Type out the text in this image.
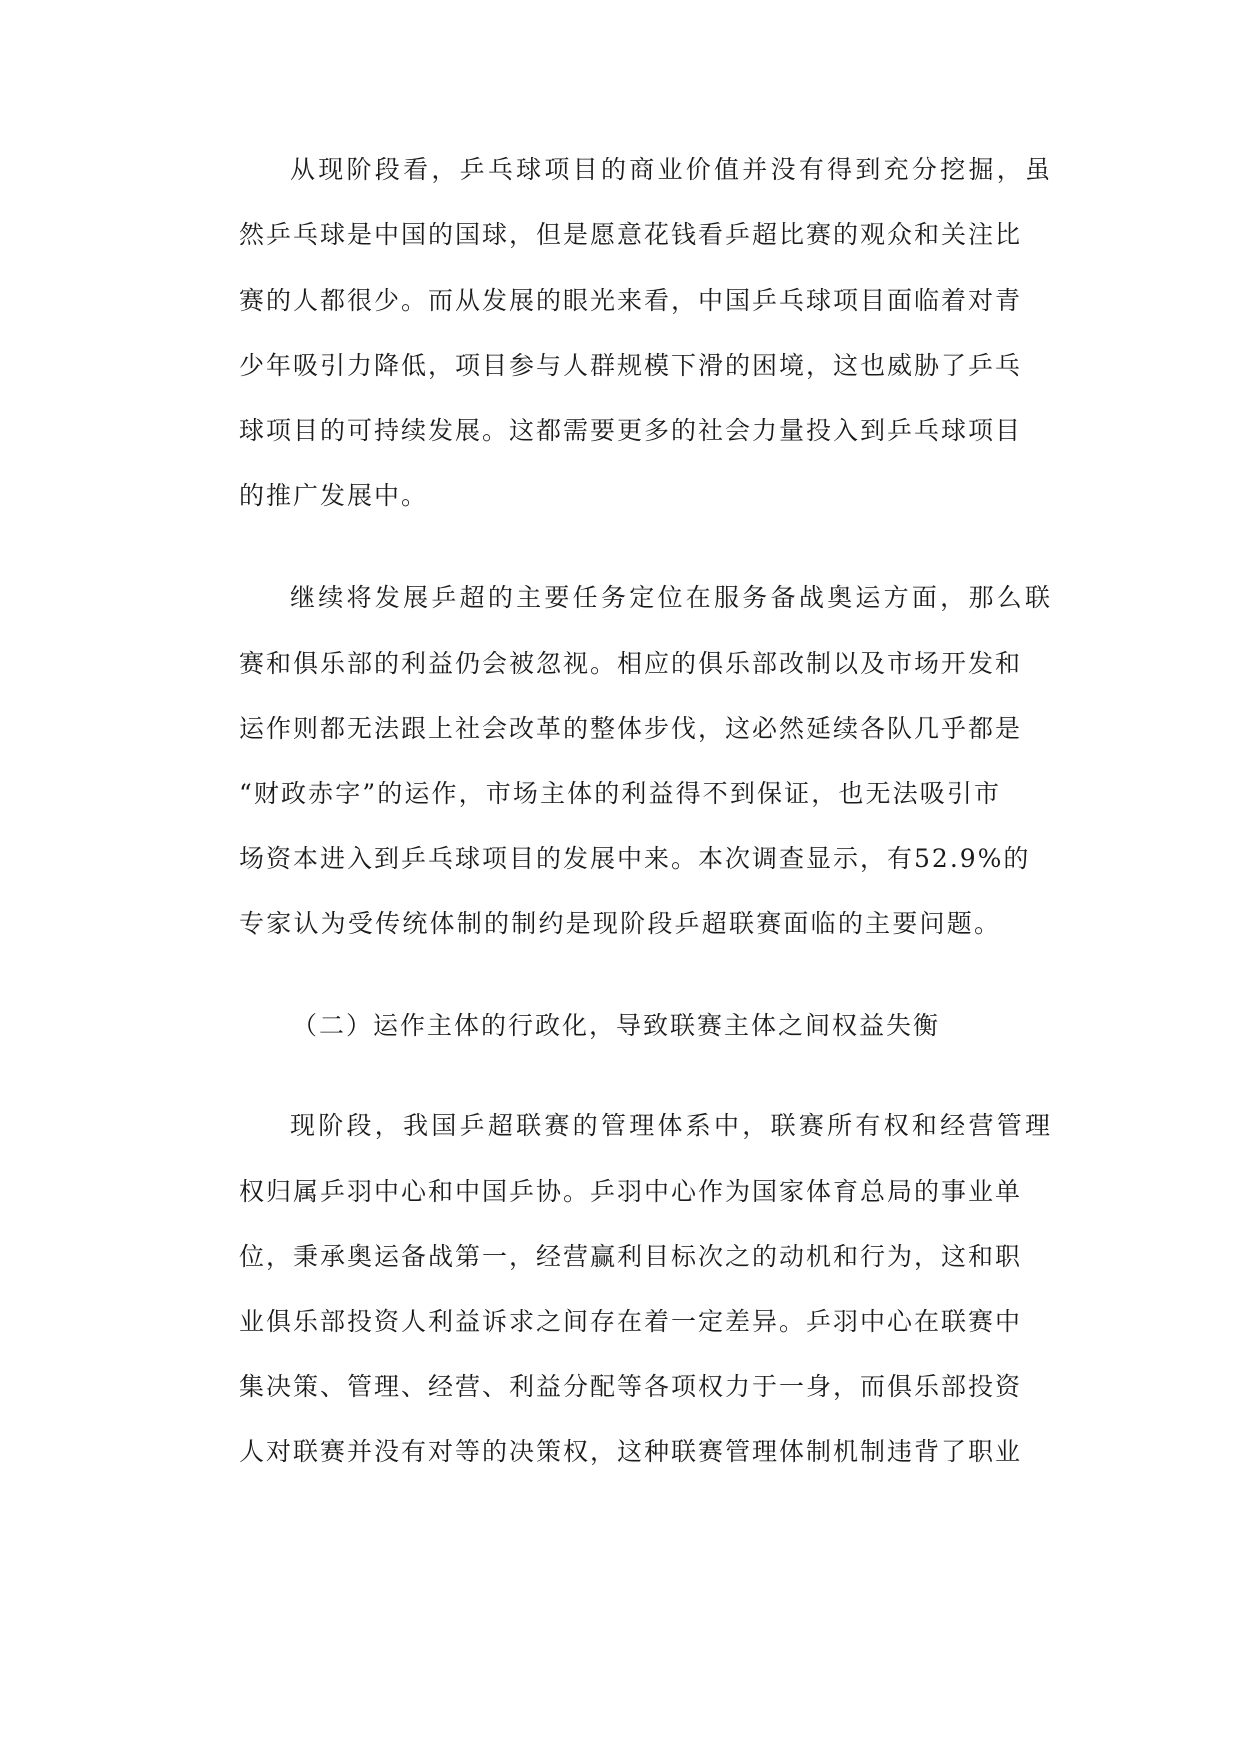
从现阶段看，乒乓球项目的商业价值并没有得到充分挖掘，虽
然乒乓球是中国的国球，但是愿意花钱看乒超比赛的观众和关注比
赛的人都很少。而从发展的眼光来看，中国乒乓球项目面临着对青
少年吸引力降低，项目参与人群规模下滑的困境，这也威胁了乒乓
球项目的可持续发展。这都需要更多的社会力量投入到乒乓球项目
的推广发展中。
继续将发展乒超的主要任务定位在服务备战奥运方面，那么联
赛和俱乐部的利益仍会被忽视。相应的俱乐部改制以及市场开发和
运作则都无法跟上社会改革的整体步伐，这必然延续各队几乎都是
“财政赤字”的运作，市场主体的利益得不到保证，也无法吸引市
场资本进入到乒乓球项目的发展中来。本次调查显示，有52.9%的
专家认为受传统体制的制约是现阶段乒超联赛面临的主要问题。
（二）运作主体的行政化，导致联赛主体之间权益失衡
现阶段，我国乒超联赛的管理体系中，联赛所有权和经营管理
权归属乒羽中心和中国乒协。乒羽中心作为国家体育总局的事业单
位，秉承奥运备战第一，经营赢利目标次之的动机和行为，这和职
业俱乐部投资人利益诉求之间存在着一定差异。乒羽中心在联赛中
集决策、管理、经营、利益分配等各项权力于一身，而俱乐部投资
人对联赛并没有对等的决策权，这种联赛管理体制机制违背了职业
